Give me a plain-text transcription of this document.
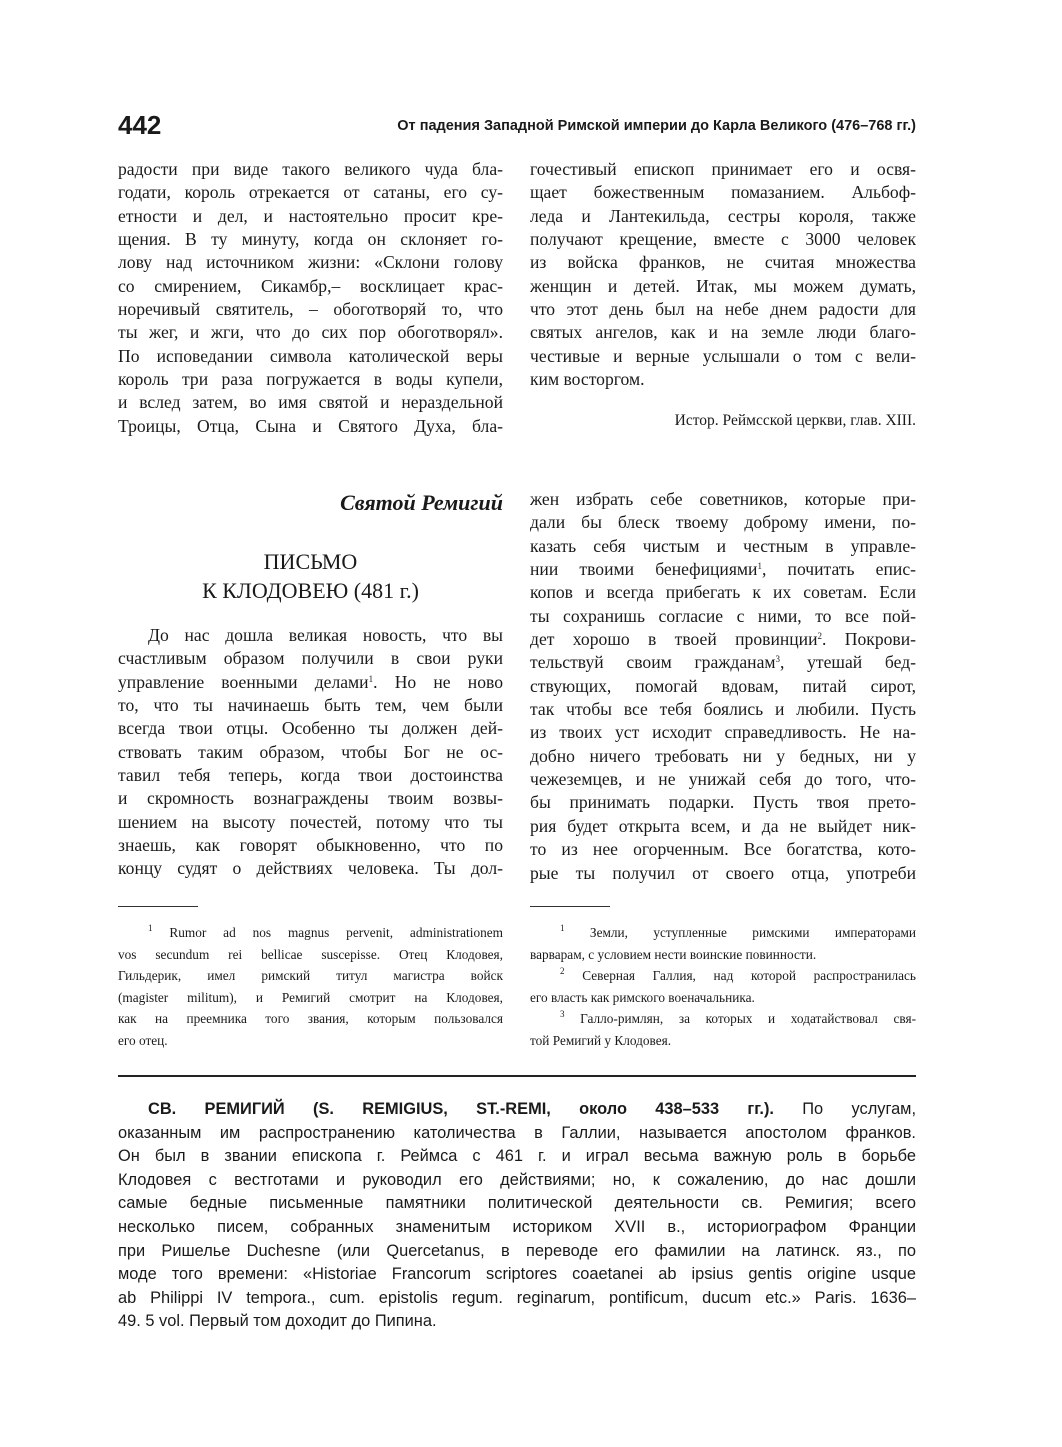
442	От падения Западной Римской империи до Карла Великого (476–768 гг.)
радости при виде такого великого чуда бла-
годати, король отрекается от сатаны, его су-
етности и дел, и настоятельно просит кре-
щения. В ту минуту, когда он склоняет го-
лову над источником жизни: «Склони голову
со смирением, Сикамбр,– восклицает крас-
норечивый святитель, – обоготворяй то, что
ты жег, и жги, что до сих пор обоготворял».
По исповедании символа католической веры
король три раза погружается в воды купели,
и вслед затем, во имя святой и нераздельной
Троицы, Отца, Сына и Святого Духа, бла-
гочестивый епископ принимает его и освя-
щает божественным помазанием. Альбоф-
леда и Лантекильда, сестры короля, также
получают крещение, вместе с 3000 человек
из войска франков, не считая множества
женщин и детей. Итак, мы можем думать,
что этот день был на небе днем радости для
святых ангелов, как и на земле люди благо-
честивые и верные услышали о том с вели-
ким восторгом.
Истор. Реймсской церкви, глав. XIII.
Святой Ремигий
ПИСЬМО
К КЛОДОВЕЮ (481 г.)
До нас дошла великая новость, что вы
счастливым образом получили в свои руки
управление военными делами$^1$. Но не ново
то, что ты начинаешь быть тем, чем были
всегда твои отцы. Особенно ты должен дей-
ствовать таким образом, чтобы Бог не ос-
тавил тебя теперь, когда твои достоинства
и скромность вознаграждены твоим возвы-
шением на высоту почестей, потому что ты
знаешь, как говорят обыкновенно, что по
концу судят о действиях человека. Ты дол-
жен избрать себе советников, которые при-
дали бы блеск твоему доброму имени, по-
казать себя чистым и честным в управле-
нии твоими бенефициями$^1$, почитать епис-
копов и всегда прибегать к их советам. Если
ты сохранишь согласие с ними, то все пой-
дет хорошо в твоей провинции$^2$. Покрови-
тельствуй своим гражданам$^3$, утешай бед-
ствующих, помогай вдовам, питай сирот,
так чтобы все тебя боялись и любили. Пусть
из твоих уст исходит справедливость. Не на-
добно ничего требовать ни у бедных, ни у
чежеземцев, и не унижай себя до того, что-
бы принимать подарки. Пусть твоя прето-
рия будет открыта всем, и да не выйдет ник-
то из нее огорченным. Все богатства, кото-
рые ты получил от своего отца, употреби
$^1$ Rumor ad nos magnus pervenit, administrationem
vos secundum rei bellicae suscepisse. Отец Клодовея,
Гильдерик, имел римский титул магистра войск
(magister militum), и Ремигий смотрит на Клодовея,
как на преемника того звания, которым пользовался
его отец.
$^1$ Земли, уступленные римскими императорами
варварам, с условием нести воинские повинности.
$^2$ Северная Галлия, над которой распространилась
его власть как римского военачальника.
$^3$ Галло-римлян, за которых и ходатайствовал свя-
той Ремигий у Клодовея.
СВ. РЕМИГИЙ (S. REMIGIUS, ST.-REMI, около 438–533 гг.). По услугам,
оказанным им распространению католичества в Галлии, называется апостолом франков.
Он был в звании епископа г. Реймса с 461 г. и играл весьма важную роль в борьбе
Клодовея с вестготами и руководил его действиями; но, к сожалению, до нас дошли
самые бедные письменные памятники политической деятельности св. Ремигия; всего
несколько писем, собранных знаменитым историком XVII в., историографом Франции
при Ришелье Duchesne (или Quercetanus, в переводе его фамилии на латинск. яз., по
моде того времени: «Historiae Francorum scriptores coaetanei ab ipsius gentis origine usque
ab Philippi IV tempora., cum. epistolis regum. reginarum, pontificum, ducum etc.» Paris. 1636–
49. 5 vol. Первый том доходит до Пипина.
